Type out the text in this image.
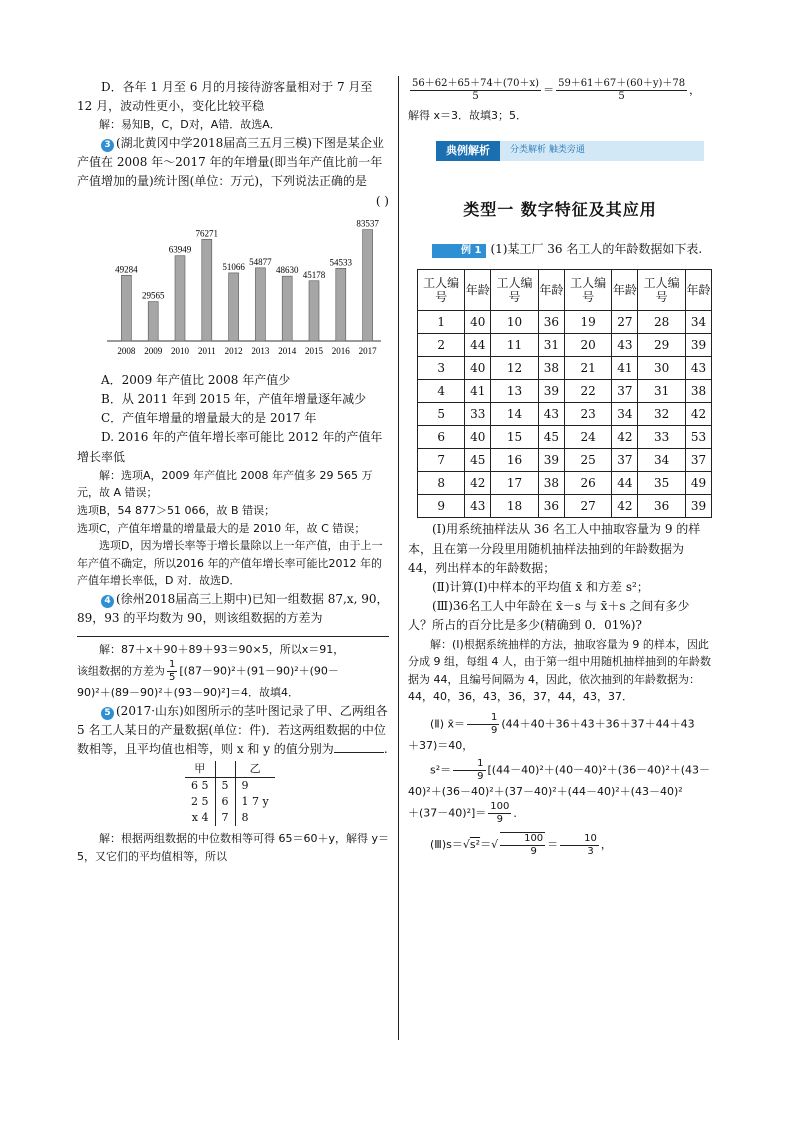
D．各年 1 月至 6 月的月接待游客量相对于 7 月至 12 月，波动性更小，变化比较平稳

解：易知B，C，D对，A错．故选A．

3 (湖北黄冈中学2018届高三五月三模)下图是某企业产值在 2008 年～2017 年的年增量(即当年产值比前一年产值增加的量)统计图(单位：万元)，下列说法正确的是
( )

49284
2008
29565
2009
63949
2010
76271
2011
51066
2012
54877
2013
48630
2014
45178
2015
54533
2016
83537
2017

A．2009 年产值比 2008 年产值少

B．从 2011 年到 2015 年，产值年增量逐年减少

C．产值年增量的增量最大的是 2017 年

D. 2016 年的产值年增长率可能比 2012 年的产值年增长率低

解：选项A，2009 年产值比 2008 年产值多 29 565 万元，故 A 错误；

选项B，54 877＞51 066，故 B 错误；

选项C，产值年增量的增量最大的是 2010 年，故 C 错误；

选项D，因为增长率等于增长量除以上一年产值，由于上一年产值不确定，所以2016 年的产值年增长率可能比2012 年的产值年增长率低，D 对．故选D．

4 (徐州2018届高三上期中)已知一组数据 87,x, 90，89，93 的平均数为 90，则该组数据的方差为

解：87＋x＋90＋89＋93＝90×5，所以x＝91，

该组数据的方差为 $\frac{1}{5} [(87-90)^2+(91-90)^2+(90-$

90)²＋(89－90)²＋(93－90)²]＝4．故填4．

5 (2017·山东)如图所示的茎叶图记录了甲、乙两组各 5 名工人某日的产量数据(单位：件)．若这两组数据的中位数相等，且平均值也相等，则 x 和 y 的值分别为	.

甲		乙
6 5	5	9
2 5	6	1 7 y
x 4	7	8

解：根据两组数据的中位数相等可得 65＝60＋y，解得 y＝5，又它们的平均值相等，所以

$\frac{56+62+65+74+(70+x)}{5} = \frac{59+61+67+(60+y)+78}{5}$ ，

解得 x＝3．故填3；5．

典例解析	分类解析 触类旁通
类型一 数字特征及其应用

例 1 (1)某工厂 36 名工人的年龄数据如下表.

工人编号	年龄	工人编号	年龄	工人编号	年龄	工人编号	年龄
1	40	10	36	19	27	28	34
2	44	11	31	20	43	29	39
3	40	12	38	21	41	30	43
4	41	13	39	22	37	31	38
5	33	14	43	23	34	32	42
6	40	15	45	24	42	33	53
7	45	16	39	25	37	34	37
8	42	17	38	26	44	35	49
9	43	18	36	27	42	36	39

(Ⅰ)用系统抽样法从 36 名工人中抽取容量为 9 的样本，且在第一分段里用随机抽样法抽到的年龄数据为 44，列出样本的年龄数据；

(Ⅱ)计算(Ⅰ)中样本的平均值 x̄ 和方差 s²；

(Ⅲ)36名工人中年龄在 x̄－s 与 x̄＋s 之间有多少人？所占的百分比是多少(精确到 0．01%)?

解：(Ⅰ)根据系统抽样的方法，抽取容量为 9 的样本，因此分成 9 组，每组 4 人，由于第一组中用随机抽样抽到的年龄数据为 44，且编号间隔为 4，因此，依次抽到的年龄数据为：44，40，36，43，36，37，44，43，37．

(Ⅱ) x̄＝ $\frac{1}{9} (44+40+36+43+36+37+44+43$

＋37)＝40，

$s^2= \frac{1}{9} [(44-40)^2+(40-40)^2+(36-40)^2+(43-$

40)²＋(36－40)²＋(37－40)²＋(44－40)²＋(43－40)²

$+(37-40)^2]= \frac{100}{9}$ ．

(Ⅲ)s＝√s²＝√ $\frac{100}{9} = \frac{10}{3}$ ，
